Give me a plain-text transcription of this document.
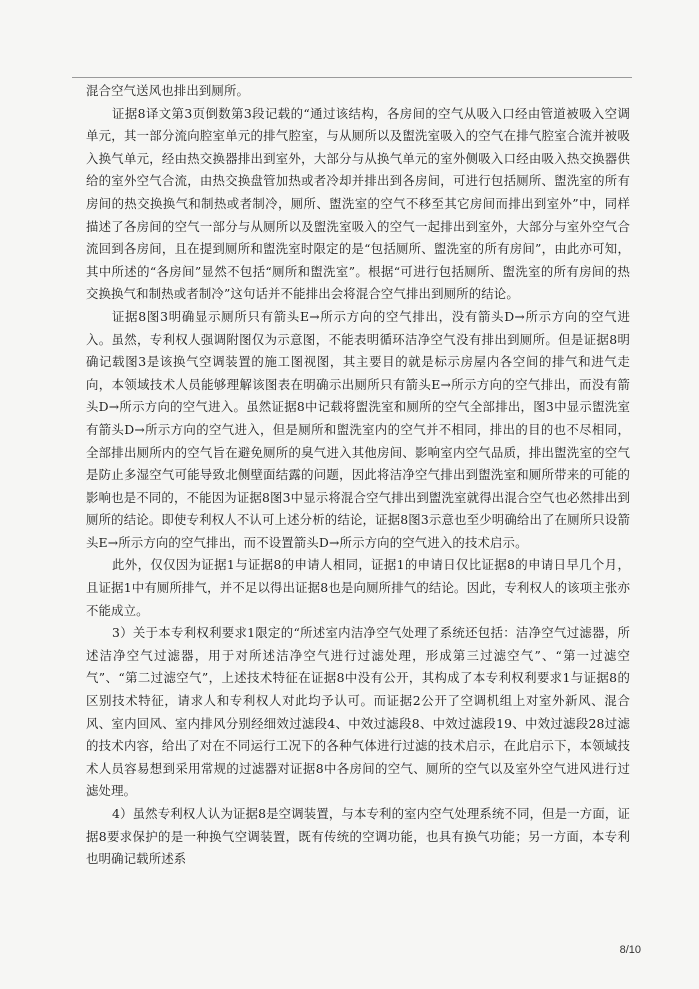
混合空气送风也排出到厕所。

证据8译文第3页倒数第3段记载的“通过该结构，各房间的空气从吸入口经由管道被吸入空调单元，其一部分流向腔室单元的排气腔室，与从厕所以及盥洗室吸入的空气在排气腔室合流并被吸入换气单元，经由热交换器排出到室外，大部分与从换气单元的室外侧吸入口经由吸入热交换器供给的室外空气合流，由热交换盘管加热或者冷却并排出到各房间，可进行包括厕所、盥洗室的所有房间的热交换换气和制热或者制冷，厕所、盥洗室的空气不移至其它房间而排出到室外”中，同样描述了各房间的空气一部分与从厕所以及盥洗室吸入的空气一起排出到室外，大部分与室外空气合流回到各房间，且在提到厕所和盥洗室时限定的是“包括厕所、盥洗室的所有房间”，由此亦可知，其中所述的“各房间”显然不包括“厕所和盥洗室”。根据“可进行包括厕所、盥洗室的所有房间的热交换换气和制热或者制冷”这句话并不能排出会将混合空气排出到厕所的结论。

证据8图3明确显示厕所只有箭头E→所示方向的空气排出，没有箭头D→所示方向的空气进入。虽然，专利权人强调附图仅为示意图，不能表明循环洁净空气没有排出到厕所。但是证据8明确记载图3是该换气空调装置的施工图视图，其主要目的就是标示房屋内各空间的排气和进气走向，本领域技术人员能够理解该图表在明确示出厕所只有箭头E→所示方向的空气排出，而没有箭头D→所示方向的空气进入。虽然证据8中记载将盥洗室和厕所的空气全部排出，图3中显示盥洗室有箭头D→所示方向的空气进入，但是厕所和盥洗室内的空气并不相同，排出的目的也不尽相同，全部排出厕所内的空气旨在避免厕所的臭气进入其他房间、影响室内空气品质，排出盥洗室的空气是防止多湿空气可能导致北侧壁面结露的问题，因此将洁净空气排出到盥洗室和厕所带来的可能的影响也是不同的，不能因为证据8图3中显示将混合空气排出到盥洗室就得出混合空气也必然排出到厕所的结论。即使专利权人不认可上述分析的结论，证据8图3示意也至少明确给出了在厕所只设箭头E→所示方向的空气排出，而不设置箭头D→所示方向的空气进入的技术启示。

此外，仅仅因为证据1与证据8的申请人相同，证据1的申请日仅比证据8的申请日早几个月，且证据1中有厕所排气，并不足以得出证据8也是向厕所排气的结论。因此，专利权人的该项主张亦不能成立。

3）关于本专利权利要求1限定的“所述室内洁净空气处理了系统还包括：洁净空气过滤器，所述洁净空气过滤器，用于对所述洁净空气进行过滤处理，形成第三过滤空气”、“第一过滤空气”、“第二过滤空气”，上述技术特征在证据8中没有公开，其构成了本专利权利要求1与证据8的区别技术特征，请求人和专利权人对此均予认可。而证据2公开了空调机组上对室外新风、混合风、室内回风、室内排风分别经细效过滤段4、中效过滤段8、中效过滤段19、中效过滤段28过滤的技术内容，给出了对在不同运行工况下的各种气体进行过滤的技术启示，在此启示下，本领域技术人员容易想到采用常规的过滤器对证据8中各房间的空气、厕所的空气以及室外空气进风进行过滤处理。

4）虽然专利权人认为证据8是空调装置，与本专利的室内空气处理系统不同，但是一方面，证据8要求保护的是一种换气空调装置，既有传统的空调功能，也具有换气功能；另一方面，本专利也明确记载所述系

8/10
